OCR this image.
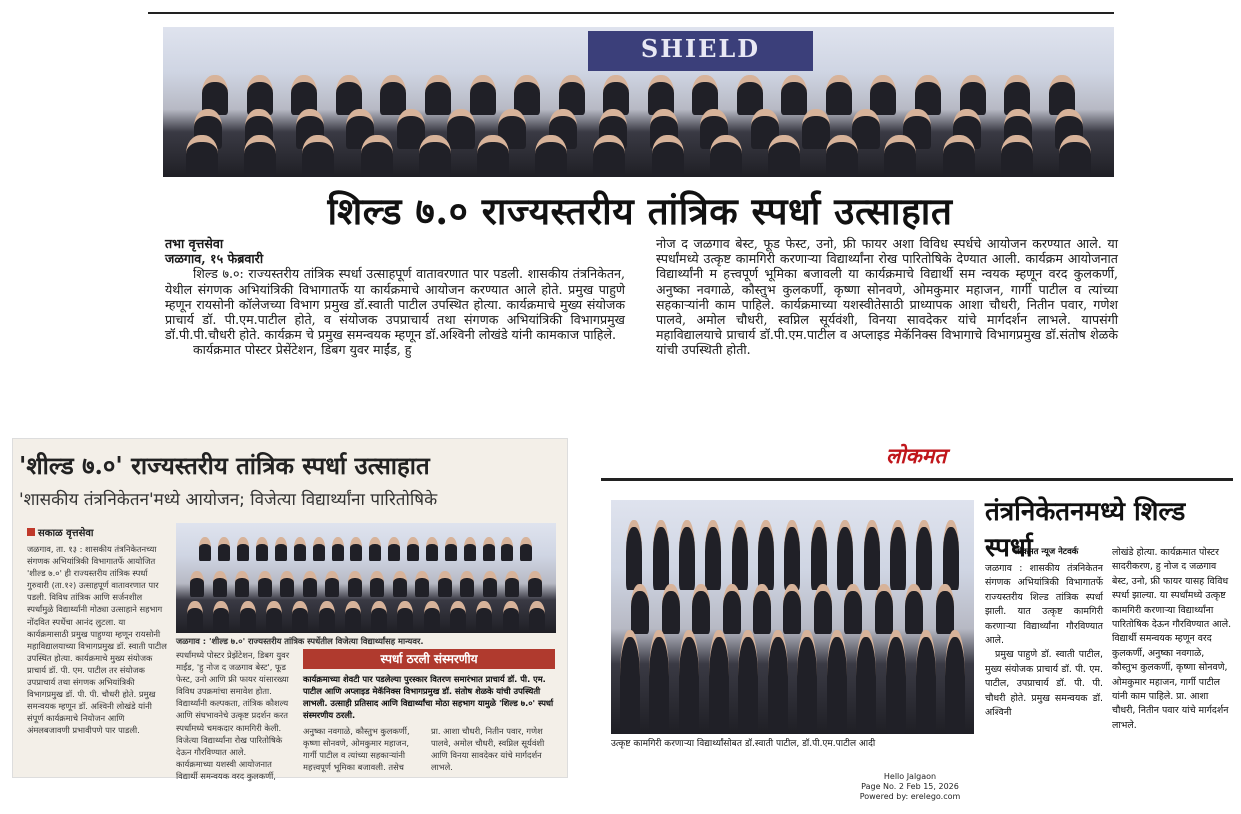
SHIELD
शिल्ड ७.० राज्यस्तरीय तांत्रिक स्पर्धा उत्साहात
तभा वृत्तसेवा
जळगाव, १५ फेब्रवारी
शिल्ड ७.०: राज्यस्तरीय तांत्रिक स्पर्धा उत्साहपूर्ण वातावरणात पार पडली. शासकीय तंत्रनिकेतन, येथील संगणक अभियांत्रिकी विभागातर्फे या कार्यक्रमाचे आयोजन करण्यात आले होते. प्रमुख पाहुणे म्हणून रायसोनी कॉलेजच्या विभाग प्रमुख डॉ.स्वाती पाटील उपस्थित होत्या. कार्यक्रमाचे मुख्य संयोजक प्राचार्य डॉ. पी.एम.पाटील होते, व संयोजक उपप्राचार्य तथा संगणक अभियांत्रिकी विभागप्रमुख डॉ.पी.पी.चौधरी होते. कार्यक्रम चे प्रमुख समन्वयक म्हणून डॉ.अश्विनी लोखंडे यांनी कामकाज पाहिले.
कार्यक्रमात पोस्टर प्रेसेंटेशन, डिबग युवर माईंड, हु
नोज द जळगाव बेस्ट, फूड फेस्ट, उनो, फ्री फायर अशा विविध स्पर्धचे आयोजन करण्यात आले. या स्पर्धांमध्ये उत्कृष्ट कामगिरी करणाऱ्या विद्यार्थ्यांना रोख पारितोषिके देण्यात आली. कार्यक्रम आयोजनात विद्यार्थ्यांनी म हत्त्वपूर्ण भूमिका बजावली या कार्यक्रमाचे विद्यार्थी सम न्वयक म्हणून वरद कुलकर्णी, अनुष्का नवगाळे, कौस्तुभ कुलकर्णी, कृष्णा सोनवणे, ओमकुमार महाजन, गार्गी पाटील व त्यांच्या सहकाऱ्यांनी काम पाहिले. कार्यक्रमाच्या यशस्वीतेसाठी प्राध्यापक आशा चौधरी, नितीन पवार, गणेश पालवे, अमोल चौधरी, स्वप्निल सूर्यवंशी, विनया सावदेकर यांचे मार्गदर्शन लाभले. यापसंगी महाविद्यालयाचे प्राचार्य डॉ.पी.एम.पाटील व अप्लाइड मेकॅनिक्स विभागाचे विभागप्रमुख डॉ.संतोष शेळके यांची उपस्थिती होती.
'शील्ड ७.०' राज्यस्तरीय तांत्रिक स्पर्धा उत्साहात
'शासकीय तंत्रनिकेतन'मध्ये आयोजन; विजेत्या विद्यार्थ्यांना पारितोषिके
सकाळ वृत्तसेवा
जळगाव, ता. १३ : शासकीय तंत्रनिकेतनच्या संगणक अभियांत्रिकी विभागातर्फे आयोजित 'शील्ड ७.०' ही राज्यस्तरीय तांत्रिक स्पर्धा गुरुवारी (ता.१२) उत्साहपूर्ण वातावरणात पार पडली. विविध तांत्रिक आणि सर्जनशील स्पर्धांमुळे विद्यार्थ्यांनी मोठ्या उत्साहाने सहभाग नोंदवित स्पर्धेचा आनंद लुटला. या कार्यक्रमासाठी प्रमुख पाहुण्या म्हणून रायसोनी महाविद्यालयाच्या विभागप्रमुख डॉ. स्वाती पाटील उपस्थित होत्या. कार्यक्रमाचे मुख्य संयोजक प्राचार्य डॉ. पी. एम. पाटील तर संयोजक उपप्राचार्य तथा संगणक अभियांत्रिकी विभागप्रमुख डॉ. पी. पी. चौधरी होते. प्रमुख समन्वयक म्हणून डॉ. अश्विनी लोखंडे यांनी संपूर्ण कार्यक्रमाचे नियोजन आणि अंमलबजावणी प्रभावीपणे पार पाडली.
जळगाव : 'शील्ड ७.०' राज्यस्तरीय तांत्रिक स्पर्धेतील विजेत्या विद्यार्थ्यांसह मान्यवर.
स्पर्धांमध्ये पोस्टर प्रेझेंटेशन, डिबग युवर माईंड, 'हु नोज द जळगाव बेस्ट', फूड फेस्ट, उनो आणि फ्री फायर यांसारख्या विविध उपक्रमांचा समावेश होता. विद्यार्थ्यांनी कल्पकता, तांत्रिक कौशल्य आणि संघभावनेचे उत्कृष्ट प्रदर्शन करत स्पर्धांमध्ये चमकदार कामगिरी केली. विजेत्या विद्यार्थ्यांना रोख पारितोषिके देऊन गौरविण्यात आले.
कार्यक्रमाच्या यशस्वी आयोजनात विद्यार्थी समन्वयक वरद कुलकर्णी,
स्पर्धा ठरली संस्मरणीय
कार्यक्रमाच्या शेवटी पार पडलेल्या पुरस्कार वितरण समारंभात प्राचार्य डॉ. पी. एम. पाटील आणि अप्लाइड मेकॅनिक्स विभागप्रमुख डॉ. संतोष शेळके यांची उपस्थिती लाभली. उत्साही प्रतिसाद आणि विद्यार्थ्यांचा मोठा सहभाग यामुळे 'शिल्ड ७.०' स्पर्धा संस्मरणीय ठरली.
अनुष्का नवगाळे, कौस्तुभ कुलकर्णी, कृष्णा सोनवणे, ओमकुमार महाजन, गार्गी पाटील व त्यांच्या सहकाऱ्यांनी महत्त्वपूर्ण भूमिका बजावली. तसेच
प्रा. आशा चौधरी, नितीन पवार, गणेश पालवे, अमोल चौधरी, स्वप्निल सूर्यवंशी आणि विनया सावदेकर यांचे मार्गदर्शन लाभले.
लोकमत
उत्कृष्ट कामगिरी करणाऱ्या विद्यार्थ्यांसोबत डॉ.स्वाती पाटील, डॉ.पी.एम.पाटील आदी
तंत्रनिकेतनमध्ये शिल्ड स्पर्धा
लोकमत न्यूज नेटवर्क
जळगाव : शासकीय तंत्रनिकेतन संगणक अभियांत्रिकी विभागातर्फे राज्यस्तरीय शिल्ड तांत्रिक स्पर्धा झाली. यात उत्कृष्ट कामगिरी करणाऱ्या विद्यार्थ्यांना गौरविण्यात आले.
प्रमुख पाहुणे डॉ. स्वाती पाटील, मुख्य संयोजक प्राचार्य डॉ. पी. एम. पाटील, उपप्राचार्य डॉ. पी. पी. चौधरी होते. प्रमुख समन्वयक डॉ. अश्विनी
लोखंडे होत्या. कार्यक्रमात पोस्टर सादरीकरण, हु नोज द जळगाव बेस्ट, उनो, फ्री फायर यासह विविध स्पर्धा झाल्या. या स्पर्धांमध्ये उत्कृष्ट कामगिरी करणाऱ्या विद्यार्थ्यांना पारितोषिक देऊन गौरविण्यात आले. विद्यार्थी समन्वयक म्हणून वरद कुलकर्णी, अनुष्का नवगाळे, कौस्तुभ कुलकर्णी, कृष्णा सोनवणे, ओमकुमार महाजन, गार्गी पाटील यांनी काम पाहिले. प्रा. आशा चौधरी, नितीन पवार यांचे मार्गदर्शन लाभले.
Hello Jalgaon
Page No. 2 Feb 15, 2026
Powered by: erelego.com
